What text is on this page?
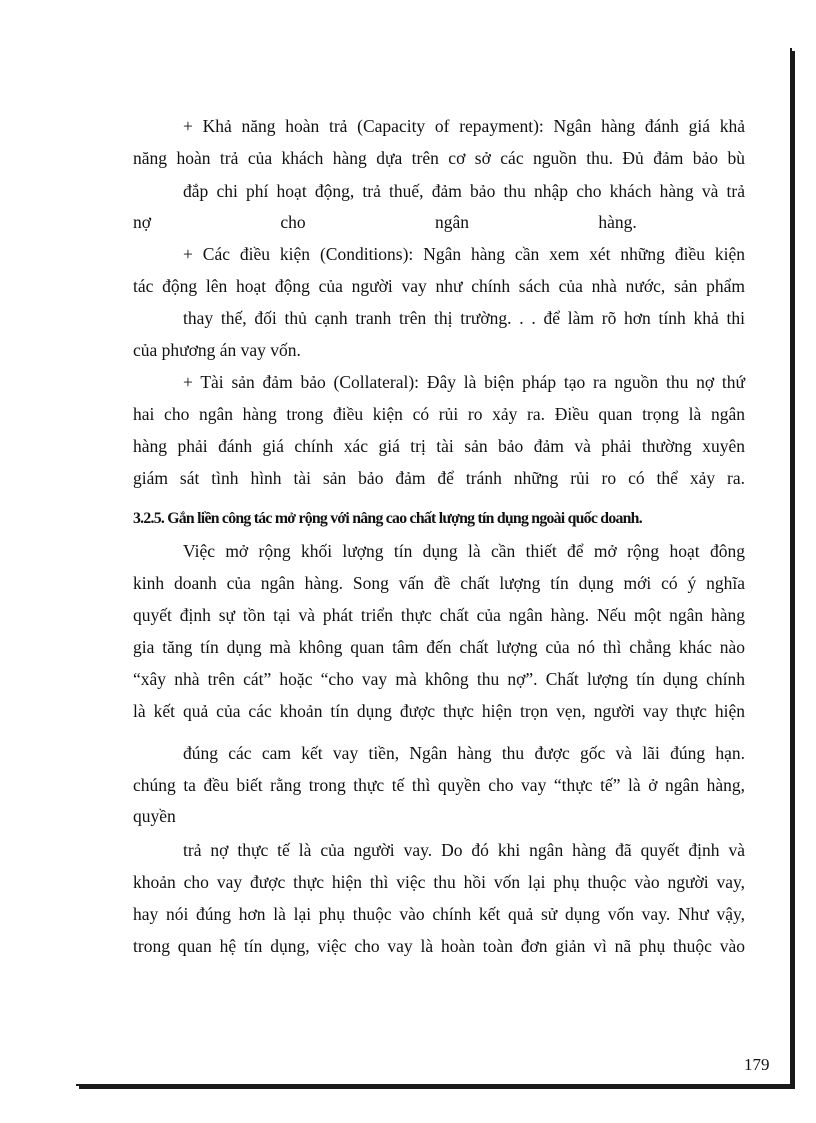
+ Khả năng hoàn trả (Capacity of repayment): Ngân hàng đánh giá khả
năng hoàn trả của khách hàng dựa trên cơ sở các nguồn thu. Đủ đảm bảo bù
đắp chi phí hoạt động, trả thuế, đảm bảo thu nhập cho khách hàng và trả
nợ cho ngân hàng.
+ Các điều kiện (Conditions): Ngân hàng cần xem xét những điều kiện
tác động lên hoạt động của người vay như chính sách của nhà nước, sản phẩm
thay thế, đối thủ cạnh tranh trên thị trường. . . để làm rõ hơn tính khả thi
của phương án vay vốn.
+ Tài sản đảm bảo (Collateral): Đây là biện pháp tạo ra nguồn thu nợ thứ
hai cho ngân hàng trong điều kiện có rủi ro xảy ra. Điều quan trọng là ngân
hàng phải đánh giá chính xác giá trị tài sản bảo đảm và phải thường xuyên
giám sát tình hình tài sản bảo đảm để tránh những rủi ro có thể xảy ra.
3.2.5. Gắn liền công tác mở rộng với nâng cao chất lượng tín dụng ngoài quốc doanh.
Việc mở rộng khối lượng tín dụng là cần thiết để mở rộng hoạt đông
kinh doanh của ngân hàng. Song vấn đề chất lượng tín dụng mới có ý nghĩa
quyết định sự tồn tại và phát triển thực chất của ngân hàng. Nếu một ngân hàng
gia tăng tín dụng mà không quan tâm đến chất lượng của nó thì chẳng khác nào
“xây nhà trên cát” hoặc “cho vay mà không thu nợ”. Chất lượng tín dụng chính
là kết quả của các khoản tín dụng được thực hiện trọn vẹn, người vay thực hiện
đúng các cam kết vay tiền, Ngân hàng thu được gốc và lãi đúng hạn.
chúng ta đều biết rằng trong thực tế thì quyền cho vay “thực tế” là ở ngân hàng,
quyền
trả nợ thực tế là của người vay. Do đó khi ngân hàng đã quyết định và
khoản cho vay được thực hiện thì việc thu hồi vốn lại phụ thuộc vào người vay,
hay nói đúng hơn là lại phụ thuộc vào chính kết quả sử dụng vốn vay. Như vậy,
trong quan hệ tín dụng, việc cho vay là hoàn toàn đơn giản vì nã phụ thuộc vào
179
